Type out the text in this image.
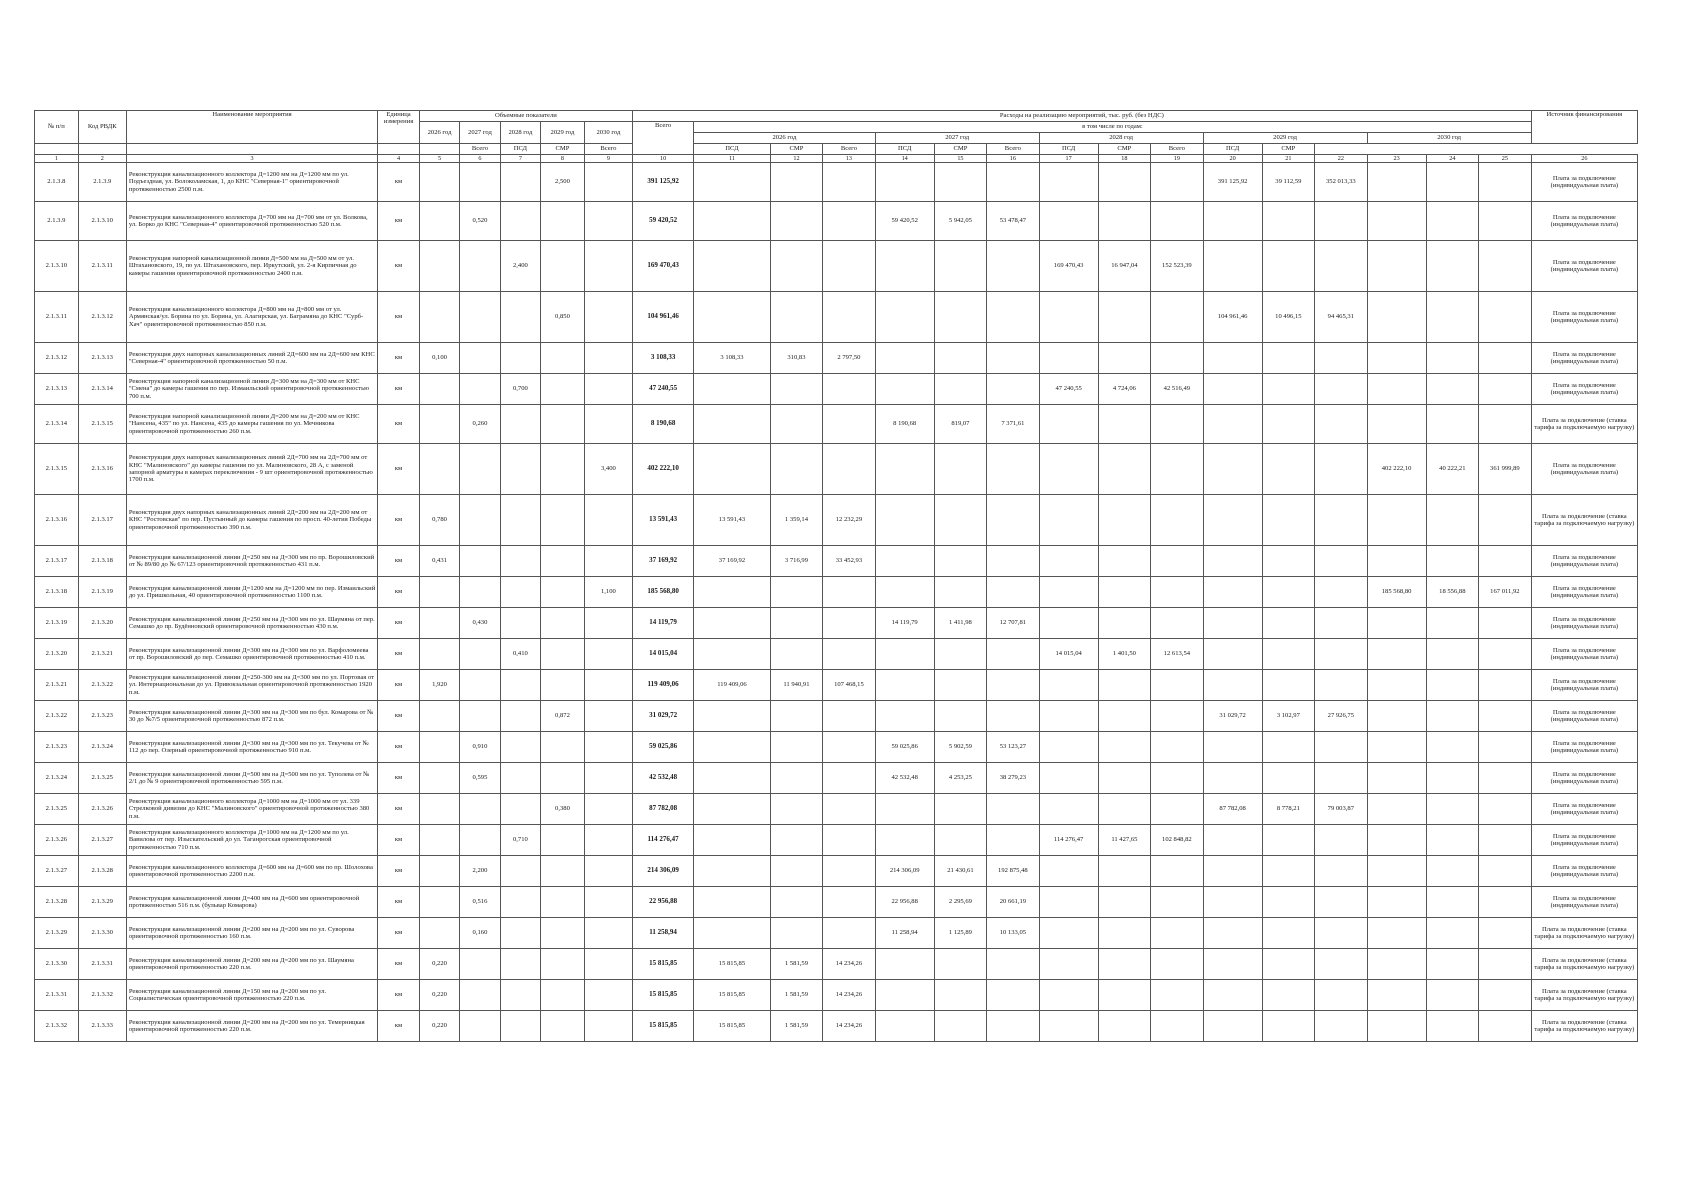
№ п/п	Код РВДК	Наименование мероприятия	Единица измерения	Объемные показатели					Расходы на реализацию мероприятий, тыс. руб. (без НДС)																Источник финансирования
				2026 год	2027 год	2028 год	2029 год	2030 год	Всего	в том числе по годам:															
										2026 год			2027 год			2028 год			2029 год			2030 год			
					Всего	ПСД	СМР	Всего		ПСД	СМР	Всего	ПСД	СМР	Всего	ПСД	СМР	Всего	ПСД	СМР					
1	2	3	4	5	6	7	8	9	10	11	12	13	14	15	16	17	18	19	20	21	22	23	24	25	26
2.1.3.8	2.1.3.9	Реконструкция канализационного коллектора Д=1200 мм на Д=1200 мм по ул. Подъездная, ул. Волоколамская, 1, до КНС "Северная-1" ориентировочной протяженностью 2500 п.м.	км				2,500		391 125,92										391 125,92	39 112,59	352 013,33				Плата за подключение (индивидуальная плата)
2.1.3.9	2.1.3.10	Реконструкция канализационного коллектора Д=700 мм на Д=700 мм от ул. Волкова, ул. Борко до КНС "Северная-4" ориентировочной протяженностью 520 п.м.	км		0,520				59 420,52				59 420,52	5 942,05	53 478,47										Плата за подключение (индивидуальная плата)
2.1.3.10	2.1.3.11	Реконструкция напорной канализационной линии Д=500 мм на Д=500 мм от ул. Штахановского, 19, по ул. Штахановского, пер. Иркутский, ул. 2-я Кирпичная до камеры гашения ориентировочной протяженностью 2400 п.м.	км			2,400			169 470,43							169 470,43	16 947,04	152 523,39							Плата за подключение (индивидуальная плата)
2.1.3.11	2.1.3.12	Реконструкция канализационного коллектора Д=800 мм на Д=800 мм от ул. Армянская/ул. Борина по ул. Борина, ул. Алагирская, ул. Баграмяна до КНС "Сурб-Хач" ориентировочной протяженностью 850 п.м.	км				0,850		104 961,46										104 961,46	10 496,15	94 465,31				Плата за подключение (индивидуальная плата)
2.1.3.12	2.1.3.13	Реконструкция двух напорных канализационных линий 2Д=600 мм на 2Д=600 мм КНС "Северная-4" ориентировочной протяженностью 50 п.м.	км	0,100					3 108,33	3 108,33	310,83	2 797,50													Плата за подключение (индивидуальная плата)
2.1.3.13	2.1.3.14	Реконструкция напорной канализационной линии Д=300 мм на Д=300 мм от КНС "Смена" до камеры гашения по пер. Измаильский ориентировочной протяженностью 700 п.м.	км			0,700			47 240,55							47 240,55	4 724,06	42 516,49							Плата за подключение (индивидуальная плата)
2.1.3.14	2.1.3.15	Реконструкция напорной канализационной линии Д=200 мм на Д=200 мм от КНС "Нансена, 435" по ул. Нансена, 435 до камеры гашения по ул. Мечникова ориентировочной протяженностью 260 п.м.	км		0,260				8 190,68				8 190,68	819,07	7 371,61										Плата за подключение (ставка тарифа за подключаемую нагрузку)
2.1.3.15	2.1.3.16	Реконструкция двух напорных канализационных линий 2Д=700 мм на 2Д=700 мм от КНС "Малиновского" до камеры гашения по ул. Малиновского, 28 А, с заменой запорной арматуры в камерах переключения - 9 шт ориентировочной протяженностью 1700 п.м.	км					3,400	402 222,10													402 222,10	40 222,21	361 999,89	Плата за подключение (индивидуальная плата)
2.1.3.16	2.1.3.17	Реконструкция двух напорных канализационных линий 2Д=200 мм на 2Д=200 мм от КНС "Ростовская" по пер. Пустынный до камеры гашения по просп. 40-летия Победы ориентировочной протяженностью 390 п.м.	км	0,780					13 591,43	13 591,43	1 359,14	12 232,29													Плата за подключение (ставка тарифа за подключаемую нагрузку)
2.1.3.17	2.1.3.18	Реконструкция канализационной линии Д=250 мм на Д=300 мм по пр. Ворошиловский от № 89/80 до № 67/123 ориентировочной протяженностью 431 п.м.	км	0,431					37 169,92	37 169,92	3 716,99	33 452,93													Плата за подключение (индивидуальная плата)
2.1.3.18	2.1.3.19	Реконструкция канализационной линии Д=1200 мм на Д=1200 мм по пер. Измаильский до ул. Пришкольная, 40 ориентировочной протяженностью 1100 п.м.	км					1,100	185 568,80													185 568,80	18 556,88	167 011,92	Плата за подключение (индивидуальная плата)
2.1.3.19	2.1.3.20	Реконструкция канализационной линии Д=250 мм на Д=300 мм по ул. Шаумяна от пер. Семашко до пр. Будённовский ориентировочной протяженностью 430 п.м.	км		0,430				14 119,79				14 119,79	1 411,98	12 707,81										Плата за подключение (индивидуальная плата)
2.1.3.20	2.1.3.21	Реконструкция канализационной линии Д=300 мм на Д=300 мм по ул. Варфоломеева от пр. Ворошиловский до пер. Семашко ориентировочной протяженностью 410 п.м.	км			0,410			14 015,04							14 015,04	1 401,50	12 613,54							Плата за подключение (индивидуальная плата)
2.1.3.21	2.1.3.22	Реконструкция канализационной линии Д=250-300 мм на Д=300 мм по ул. Портовая от ул. Интернациональная до ул. Привокзальная ориентировочной протяженностью 1920 п.м.	км	1,920					119 409,06	119 409,06	11 940,91	107 468,15													Плата за подключение (индивидуальная плата)
2.1.3.22	2.1.3.23	Реконструкция канализационной линии Д=300 мм на Д=300 мм по бул. Комарова от № 30 до №7/5 ориентировочной протяженностью 872 п.м.	км				0,872		31 029,72										31 029,72	3 102,97	27 926,75				Плата за подключение (индивидуальная плата)
2.1.3.23	2.1.3.24	Реконструкция канализационной линии Д=300 мм на Д=300 мм по ул. Текучева от № 112 до пер. Озерный ориентировочной протяженностью 910 п.м.	км		0,910				59 025,86				59 025,86	5 902,59	53 123,27										Плата за подключение (индивидуальная плата)
2.1.3.24	2.1.3.25	Реконструкция канализационной линии Д=500 мм на Д=500 мм по ул. Туполева от № 2/1 до № 9 ориентировочной протяженностью 595 п.м.	км		0,595				42 532,48				42 532,48	4 253,25	38 279,23										Плата за подключение (индивидуальная плата)
2.1.3.25	2.1.3.26	Реконструкция канализационного коллектора Д=1000 мм на Д=1000 мм от ул. 339 Стрелковой дивизии до КНС "Малиновского" ориентировочной протяженностью 380 п.м.	км				0,380		87 782,08										87 782,08	8 778,21	79 003,87				Плата за подключение (индивидуальная плата)
2.1.3.26	2.1.3.27	Реконструкция канализационного коллектора Д=1000 мм на Д=1200 мм по ул. Вавилова от пер. Изыскательский до ул. Таганрогская ориентировочной протяженностью 710 п.м.	км			0,710			114 276,47							114 276,47	11 427,65	102 848,82							Плата за подключение (индивидуальная плата)
2.1.3.27	2.1.3.28	Реконструкция канализационного коллектора Д=600 мм на Д=600 мм по пр. Шолохова ориентировочной протяженностью 2200 п.м.	км		2,200				214 306,09				214 306,09	21 430,61	192 875,48										Плата за подключение (индивидуальная плата)
2.1.3.28	2.1.3.29	Реконструкция канализационной линии Д=400 мм на Д=600 мм ориентировочной протяженностью 516 п.м. (бульвар Комарова)	км		0,516				22 956,88				22 956,88	2 295,69	20 661,19										Плата за подключение (индивидуальная плата)
2.1.3.29	2.1.3.30	Реконструкция канализационной линии Д=200 мм на Д=200 мм по ул. Суворова ориентировочной протяженностью 160 п.м.	км		0,160				11 258,94				11 258,94	1 125,89	10 133,05										Плата за подключение (ставка тарифа за подключаемую нагрузку)
2.1.3.30	2.1.3.31	Реконструкция канализационной линии Д=200 мм на Д=200 мм по ул. Шаумяна ориентировочной протяженностью 220 п.м.	км	0,220					15 815,85	15 815,85	1 581,59	14 234,26													Плата за подключение (ставка тарифа за подключаемую нагрузку)
2.1.3.31	2.1.3.32	Реконструкция канализационной линии Д=150 мм на Д=200 мм по ул. Социалистическая ориентировочной протяженностью 220 п.м.	км	0,220					15 815,85	15 815,85	1 581,59	14 234,26													Плата за подключение (ставка тарифа за подключаемую нагрузку)
2.1.3.32	2.1.3.33	Реконструкция канализационной линии Д=200 мм на Д=200 мм по ул. Темерницкая ориентировочной протяженностью 220 п.м.	км	0,220					15 815,85	15 815,85	1 581,59	14 234,26													Плата за подключение (ставка тарифа за подключаемую нагрузку)
